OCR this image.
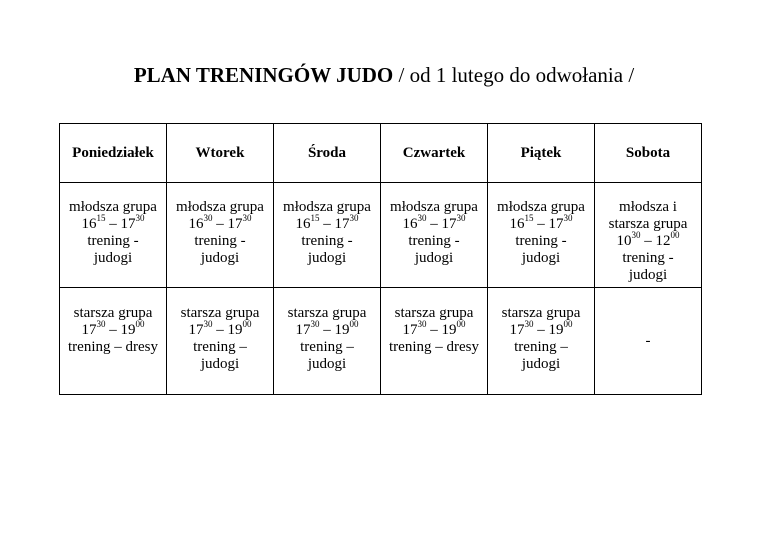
PLAN TRENINGÓW JUDO / od 1 lutego do odwołania /
Poniedziałek	Wtorek	Środa	Czwartek	Piątek	Sobota

młodsza grupa
$16^{15} - 17^{30}$
trening -
judogi	młodsza grupa
$16^{30} - 17^{30}$
trening -
judogi	młodsza grupa
$16^{15} - 17^{30}$
trening -
judogi	młodsza grupa
$16^{30} - 17^{30}$
trening -
judogi	młodsza grupa
$16^{15} - 17^{30}$
trening -
judogi	młodsza i
starsza grupa
$10^{30} - 12^{00}$
trening -
judogi

starsza grupa
$17^{30} - 19^{00}$
trening – dresy	starsza grupa
$17^{30} - 19^{00}$
trening –
judogi	starsza grupa
$17^{30} - 19^{00}$
trening –
judogi	starsza grupa
$17^{30} - 19^{00}$
trening – dresy	starsza grupa
$17^{30} - 19^{00}$
trening –
judogi	-
